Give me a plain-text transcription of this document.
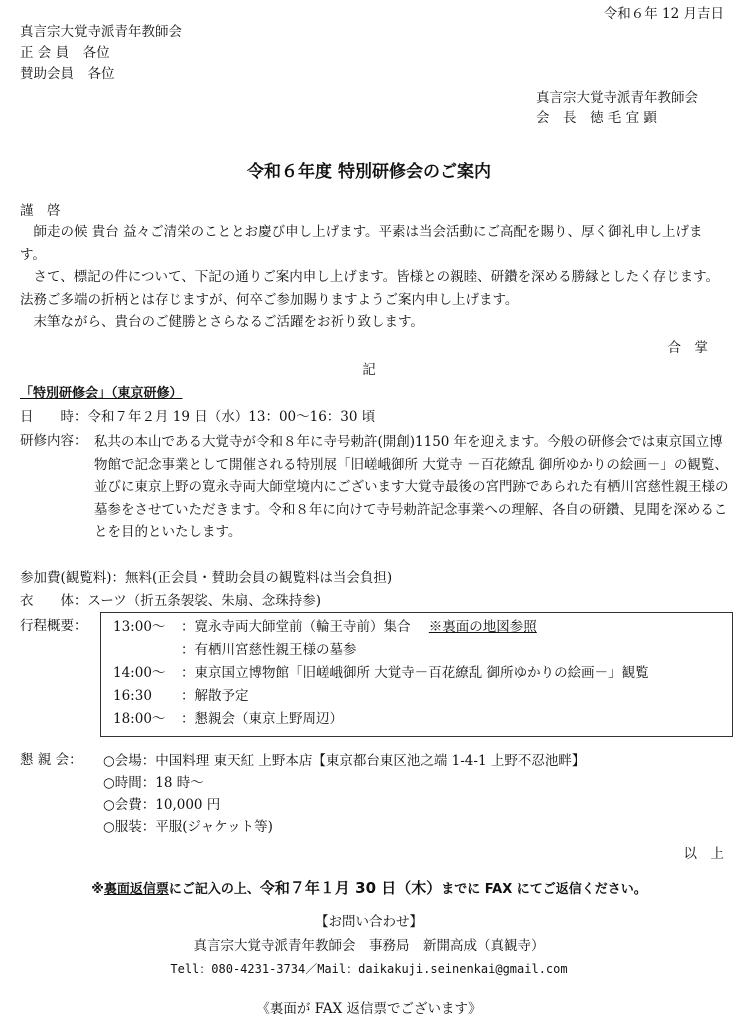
令和６年 12 月吉日
真言宗大覚寺派青年教師会
正 会 員　各位
賛助会員　各位
真言宗大覚寺派青年教師会
会　長　徳 毛 宜 顕
令和６年度 特別研修会のご案内
謹　啓

師走の候 貴台 益々ご清栄のこととお慶び申し上げます。平素は当会活動にご高配を賜り、厚く御礼申し上げます。

さて、標記の件について、下記の通りご案内申し上げます。皆様との親睦、研鑽を深める勝縁としたく存じます。法務ご多端の折柄とは存じますが、何卒ご参加賜りますようご案内申し上げます。

末筆ながら、貴台のご健勝とさらなるご活躍をお祈り致します。

合　掌
記
「特別研修会」（東京研修）
日　　時：令和７年２月 19 日（水）13：00～16：30 頃
研修内容： 私共の本山である大覚寺が令和８年に寺号勅許(開創)1150 年を迎えます。今般の研修会では東京国立博物館で記念事業として開催される特別展「旧嵯峨御所 大覚寺 －百花繚乱 御所ゆかりの絵画－」の観覧、並びに東京上野の寛永寺両大師堂境内にございます大覚寺最後の宮門跡であられた有栖川宮慈性親王様の墓参をさせていただきます。令和８年に向けて寺号勅許記念事業への理解、各自の研鑽、見聞を深めることを目的といたします。
参加費(観覧料)：無料(正会員・賛助会員の観覧料は当会負担)
衣　　体：スーツ（折五条袈裟、朱扇、念珠持参)
行程概要： 13:00～ ：寛永寺両大師堂前（輪王寺前）集合 ※裏面の地図参照
：有栖川宮慈性親王様の墓参
14:00～ ：東京国立博物館「旧嵯峨御所 大覚寺－百花繚乱 御所ゆかりの絵画－」観覧
16:30 ：解散予定
18:00～ ：懇親会（東京上野周辺）
懇 親 会： ○会場：中国料理 東天紅 上野本店【東京都台東区池之端 1-4-1 上野不忍池畔】
○時間：18 時～
○会費：10,000 円
○服装：平服(ジャケット等)
以　上
※裏面返信票にご記入の上、令和７年１月 30 日（木）までに FAX にてご返信ください。
【お問い合わせ】
真言宗大覚寺派青年教師会　事務局　新開高成（真観寺）
Tell：080-4231-3734／Mail：daikakuji.seinenkai@gmail.com
《裏面が FAX 返信票でございます》
